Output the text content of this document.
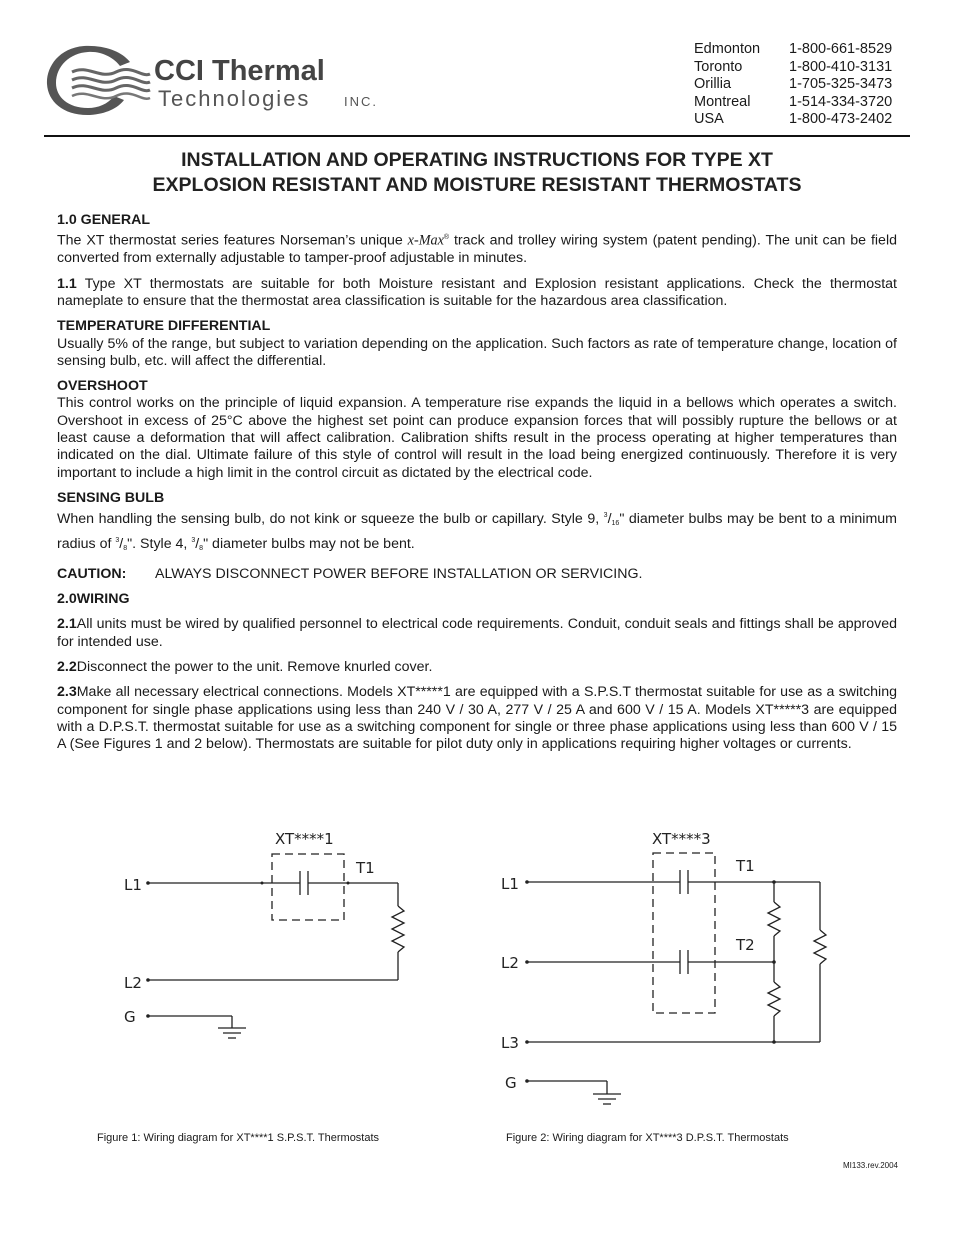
CCI Thermal
Technologies	INC.
Edmonton	1-800-661-8529
Toronto	1-800-410-3131
Orillia	1-705-325-3473
Montreal	1-514-334-3720
USA	1-800-473-2402
INSTALLATION AND OPERATING INSTRUCTIONS FOR TYPE XT
EXPLOSION RESISTANT AND MOISTURE RESISTANT THERMOSTATS
1.0 GENERAL

The XT thermostat series features Norseman’s unique x-Max® track and trolley wiring system (patent pending). The unit can be field converted from externally adjustable to tamper-proof adjustable in minutes.

1.1 Type XT thermostats are suitable for both Moisture resistant and Explosion resistant applications. Check the thermostat nameplate to ensure that the thermostat area classification is suitable for the hazardous area classification.

TEMPERATURE DIFFERENTIAL

Usually 5% of the range, but subject to variation depending on the application. Such factors as rate of temperature change, location of sensing bulb, etc. will affect the differential.

OVERSHOOT

This control works on the principle of liquid expansion. A temperature rise expands the liquid in a bellows which operates a switch. Overshoot in excess of 25°C above the highest set point can produce expansion forces that will possibly rupture the bellows or at least cause a deformation that will affect calibration. Calibration shifts result in the process operating at higher temperatures than indicated on the dial. Ultimate failure of this style of control will result in the load being energized continuously. Therefore it is very important to include a high limit in the control circuit as dictated by the electrical code.

SENSING BULB

When handling the sensing bulb, do not kink or squeeze the bulb or capillary. Style 9, $^3$/16" diameter bulbs may be bent to a minimum radius of $^3$/8". Style 4, $^3$/8" diameter bulbs may not be bent.

CAUTION: ALWAYS DISCONNECT POWER BEFORE INSTALLATION OR SERVICING.
2.0WIRING

2.1All units must be wired by qualified personnel to electrical code requirements. Conduit, conduit seals and fittings shall be approved for intended use.

2.2Disconnect the power to the unit. Remove knurled cover.

2.3Make all necessary electrical connections. Models XT*****1 are equipped with a S.P.S.T thermostat suitable for use as a switching component for single phase applications using less than 240 V / 30 A, 277 V / 25 A and 600 V / 15 A. Models XT*****3 are equipped with a D.P.S.T. thermostat suitable for use as a switching component for single or three phase applications using less than 600 V / 15 A (See Figures 1 and 2 below). Thermostats are suitable for pilot duty only in applications requiring higher voltages or currents.

XT****1
L1
L2
G
T1
XT****3
L1
L2
L3
G
T1
T2
Figure 1: Wiring diagram for XT****1 S.P.S.T. Thermostats	Figure 2: Wiring diagram for XT****3 D.P.S.T. Thermostats
MI133.rev.2004
